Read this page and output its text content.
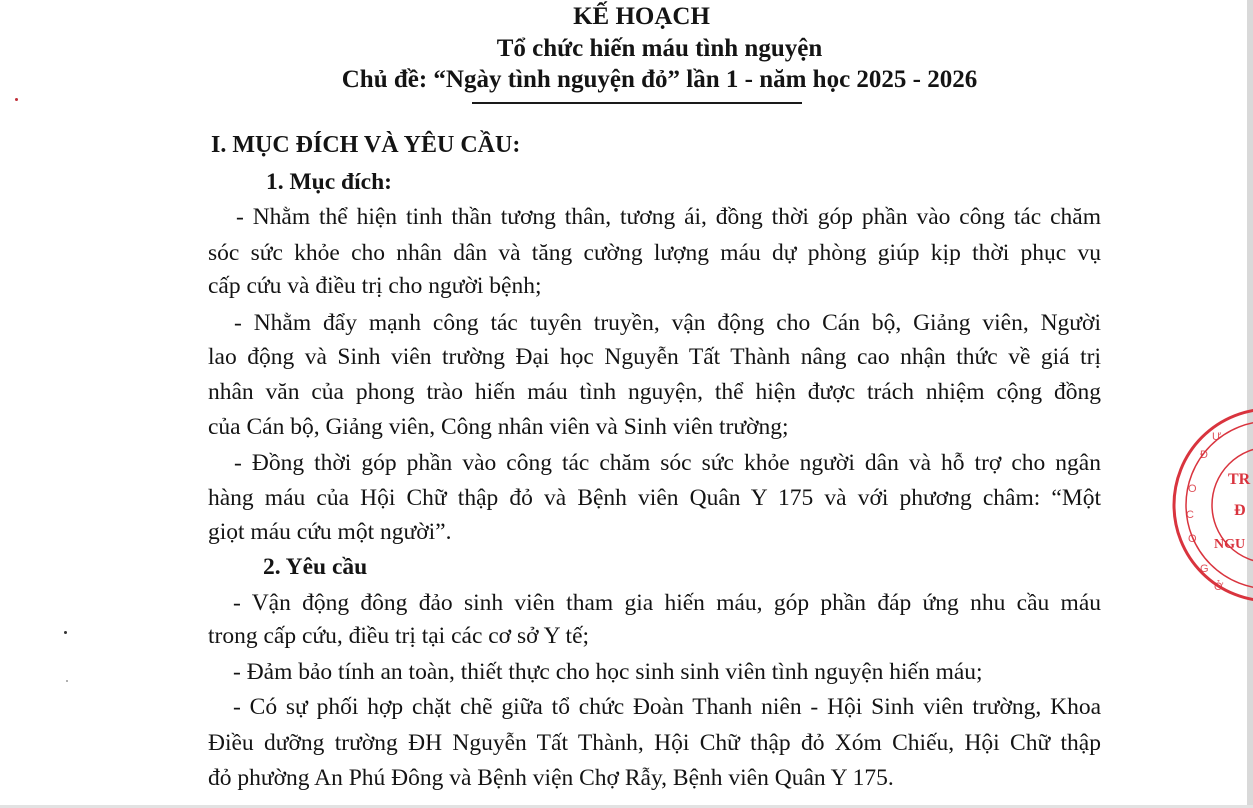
KẾ HOẠCH
Tổ chức hiến máu tình nguyện
Chủ đề: “Ngày tình nguyện đỏ” lần 1 - năm học 2025 - 2026
I. MỤC ĐÍCH VÀ YÊU CẦU:
1. Mục đích:
- Nhằm thể hiện tinh thần tương thân, tương ái, đồng thời góp phần vào công tác chăm
sóc sức khỏe cho nhân dân và tăng cường lượng máu dự phòng giúp kịp thời phục vụ
cấp cứu và điều trị cho người bệnh;
- Nhằm đẩy mạnh công tác tuyên truyền, vận động cho Cán bộ, Giảng viên, Người
lao động và Sinh viên trường Đại học Nguyễn Tất Thành nâng cao nhận thức về giá trị
nhân văn của phong trào hiến máu tình nguyện, thể hiện được trách nhiệm cộng đồng
của Cán bộ, Giảng viên, Công nhân viên và Sinh viên trường;
- Đồng thời góp phần vào công tác chăm sóc sức khỏe người dân và hỗ trợ cho ngân
hàng máu của Hội Chữ thập đỏ và Bệnh viên Quân Y 175 và với phương châm: “Một
giọt máu cứu một người”.
2. Yêu cầu
- Vận động đông đảo sinh viên tham gia hiến máu, góp phần đáp ứng nhu cầu máu
trong cấp cứu, điều trị tại các cơ sở Y tế;
- Đảm bảo tính an toàn, thiết thực cho học sinh sinh viên tình nguyện hiến máu;
- Có sự phối hợp chặt chẽ giữa tổ chức Đoàn Thanh niên - Hội Sinh viên trường, Khoa
Điều dưỡng trường ĐH Nguyễn Tất Thành, Hội Chữ thập đỏ Xóm Chiếu, Hội Chữ thập
đỏ phường An Phú Đông và Bệnh viện Chợ Rẫy, Bệnh viên Quân Y 175.
TR
Đ
NGU
Ư
Đ
O
C
O
G
Ở
